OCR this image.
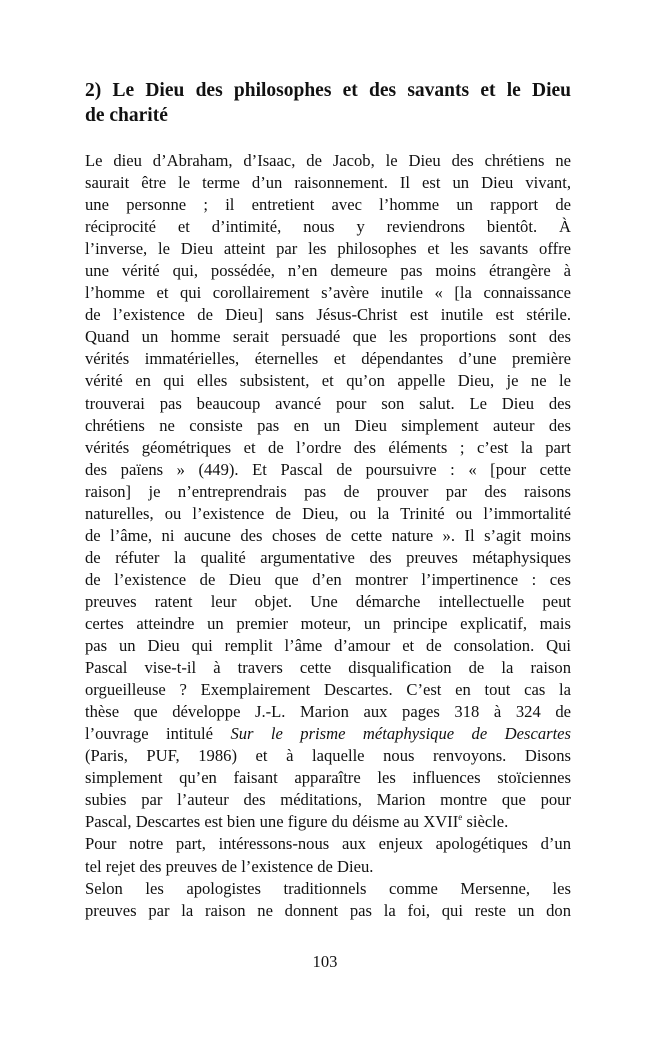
2) Le Dieu des philosophes et des savants et le Dieu
de charité
Le dieu d’Abraham, d’Isaac, de Jacob, le Dieu des chrétiens ne
saurait être le terme d’un raisonnement. Il est un Dieu vivant,
une personne ; il entretient avec l’homme un rapport de
réciprocité et d’intimité, nous y reviendrons bientôt. À
l’inverse, le Dieu atteint par les philosophes et les savants offre
une vérité qui, possédée, n’en demeure pas moins étrangère à
l’homme et qui corollairement s’avère inutile « [la connaissance
de l’existence de Dieu] sans Jésus-Christ est inutile est stérile.
Quand un homme serait persuadé que les proportions sont des
vérités immatérielles, éternelles et dépendantes d’une première
vérité en qui elles subsistent, et qu’on appelle Dieu, je ne le
trouverai pas beaucoup avancé pour son salut. Le Dieu des
chrétiens ne consiste pas en un Dieu simplement auteur des
vérités géométriques et de l’ordre des éléments ; c’est la part
des païens » (449). Et Pascal de poursuivre : « [pour cette
raison] je n’entreprendrais pas de prouver par des raisons
naturelles, ou l’existence de Dieu, ou la Trinité ou l’immortalité
de l’âme, ni aucune des choses de cette nature ». Il s’agit moins
de réfuter la qualité argumentative des preuves métaphysiques
de l’existence de Dieu que d’en montrer l’impertinence : ces
preuves ratent leur objet. Une démarche intellectuelle peut
certes atteindre un premier moteur, un principe explicatif, mais
pas un Dieu qui remplit l’âme d’amour et de consolation. Qui
Pascal vise-t-il à travers cette disqualification de la raison
orgueilleuse ? Exemplairement Descartes. C’est en tout cas la
thèse que développe J.-L. Marion aux pages 318 à 324 de
l’ouvrage intitulé Sur le prisme métaphysique de Descartes
(Paris, PUF, 1986) et à laquelle nous renvoyons. Disons
simplement qu’en faisant apparaître les influences stoïciennes
subies par l’auteur des méditations, Marion montre que pour
Pascal, Descartes est bien une figure du déisme au XVIIe siècle.
Pour notre part, intéressons-nous aux enjeux apologétiques d’un
tel rejet des preuves de l’existence de Dieu.
Selon les apologistes traditionnels comme Mersenne, les
preuves par la raison ne donnent pas la foi, qui reste un don
103
